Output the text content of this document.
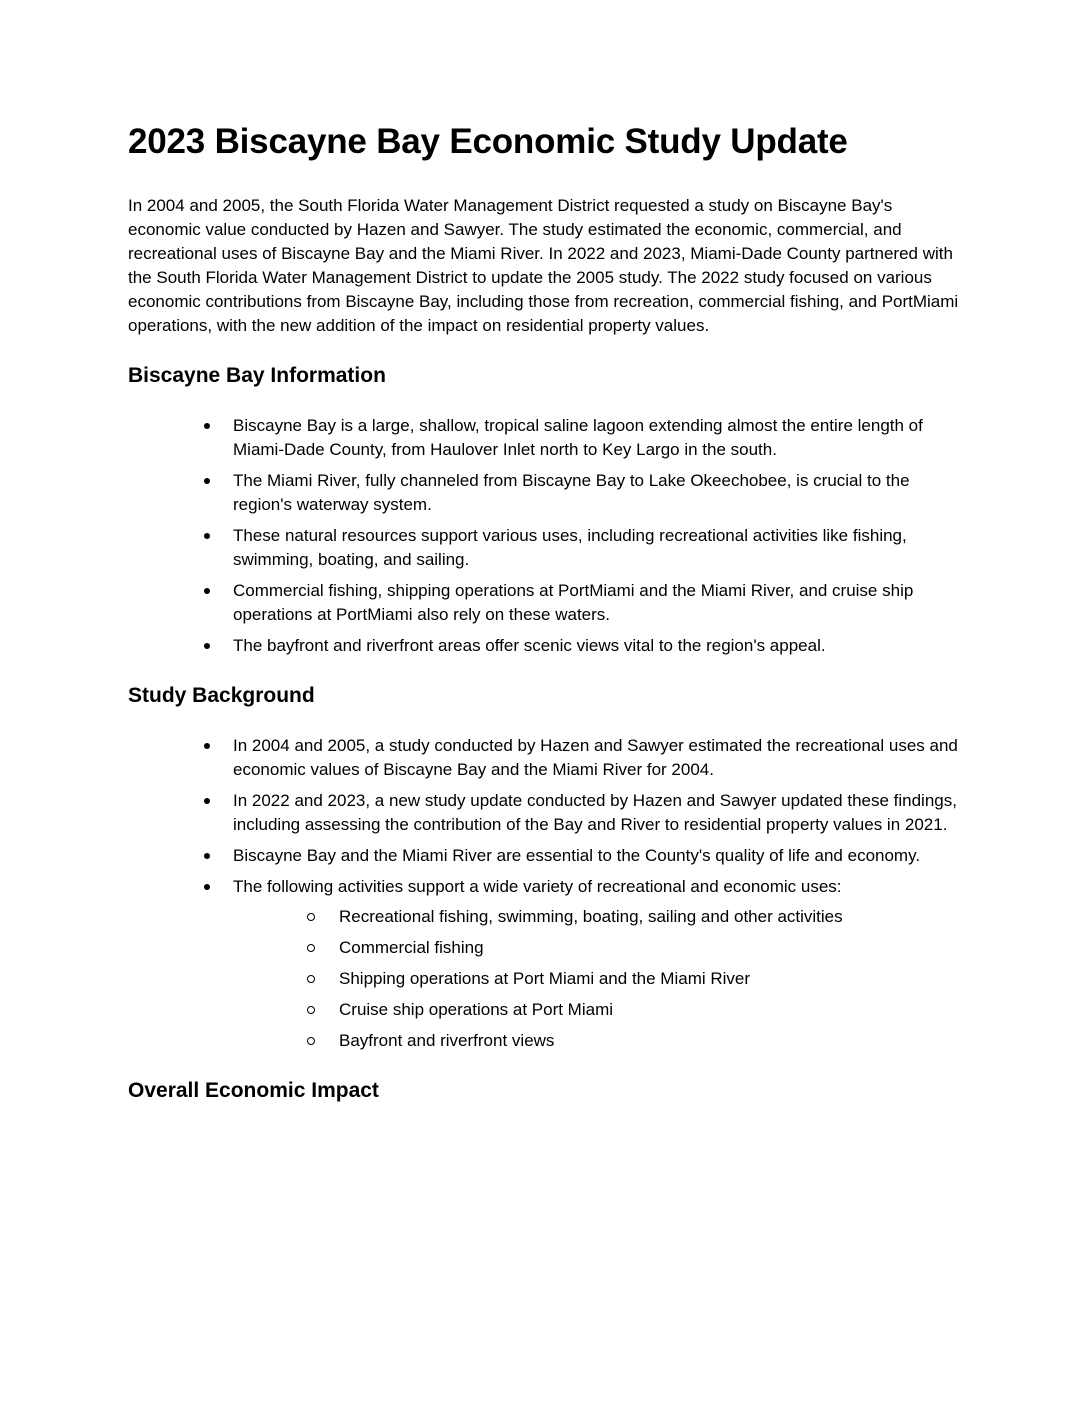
2023 Biscayne Bay Economic Study Update

In 2004 and 2005, the South Florida Water Management District requested a study on Biscayne Bay's economic value conducted by Hazen and Sawyer. The study estimated the economic, commercial, and recreational uses of Biscayne Bay and the Miami River. In 2022 and 2023, Miami-Dade County partnered with the South Florida Water Management District to update the 2005 study. The 2022 study focused on various economic contributions from Biscayne Bay, including those from recreation, commercial fishing, and PortMiami operations, with the new addition of the impact on residential property values.

Biscayne Bay Information
Biscayne Bay is a large, shallow, tropical saline lagoon extending almost the entire length of Miami-Dade County, from Haulover Inlet north to Key Largo in the south.
The Miami River, fully channeled from Biscayne Bay to Lake Okeechobee, is crucial to the region's waterway system.
These natural resources support various uses, including recreational activities like fishing, swimming, boating, and sailing.
Commercial fishing, shipping operations at PortMiami and the Miami River, and cruise ship operations at PortMiami also rely on these waters.
The bayfront and riverfront areas offer scenic views vital to the region's appeal.
Study Background
In 2004 and 2005, a study conducted by Hazen and Sawyer estimated the recreational uses and economic values of Biscayne Bay and the Miami River for 2004.
In 2022 and 2023, a new study update conducted by Hazen and Sawyer updated these findings, including assessing the contribution of the Bay and River to residential property values in 2021.
Biscayne Bay and the Miami River are essential to the County's quality of life and economy.
The following activities support a wide variety of recreational and economic uses:
Recreational fishing, swimming, boating, sailing and other activities
Commercial fishing
Shipping operations at Port Miami and the Miami River
Cruise ship operations at Port Miami
Bayfront and riverfront views
Overall Economic Impact
